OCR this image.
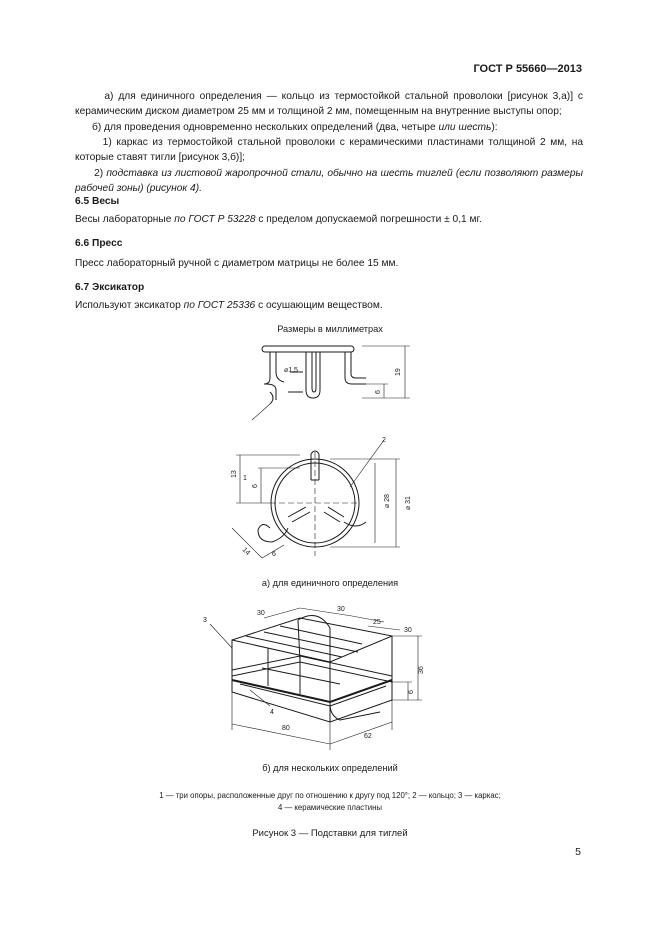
ГОСТ Р 55660—2013

а) для единичного определения — кольцо из термостойкой стальной проволоки [рисунок 3,а)] с керамическим диском диаметром 25 мм и толщиной 2 мм, помещенным на внутренние выступы опор;

б) для проведения одновременно нескольких определений (два, четыре или шесть):

1) каркас из термостойкой стальной проволоки с керамическими пластинами толщиной 2 мм, на которые ставят тигли [рисунок 3,б)];

2) подставка из листовой жаропрочной стали, обычно на шесть тиглей (если позволяют размеры рабочей зоны) (рисунок 4).

6.5 Весы

Весы лабораторные по ГОСТ Р 53228 с пределом допускаемой погрешности ± 0,1 мг.

6.6 Пресс

Пресс лабораторный ручной с диаметром матрицы не более 15 мм.

6.7 Эксикатор

Используют эксикатор по ГОСТ 25336 с осушающим веществом.

Размеры в миллиметрах
⌀1,5	19
6
1
13
6
⌀ 28 ⌀ 31
14	6
2
30
30
25
30
36
6
80
62
3
4
а) для единичного определения
б) для нескольких определений
1 — три опоры, расположенные друг по отношению к другу под 120°; 2 — кольцо; 3 — каркас;
4 — керамические пластины
Рисунок 3 — Подставки для тиглей
5
